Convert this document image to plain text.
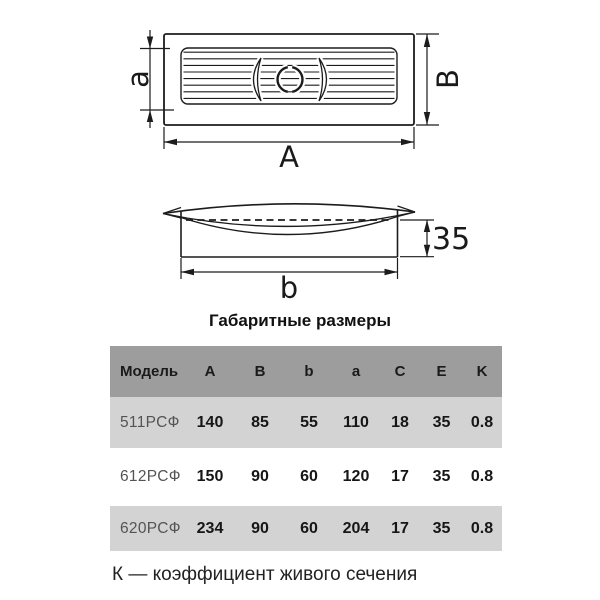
a
A
B
35
b
Габаритные размеры
Модель	A	B	b	a	C	E	K
511РСФ	140	85	55	110	18	35	0.8
612РСФ 150	90	60	120	17	35	0.8
620РСФ 234	90	60	204	17	35	0.8
К — коэффициент живого сечения
